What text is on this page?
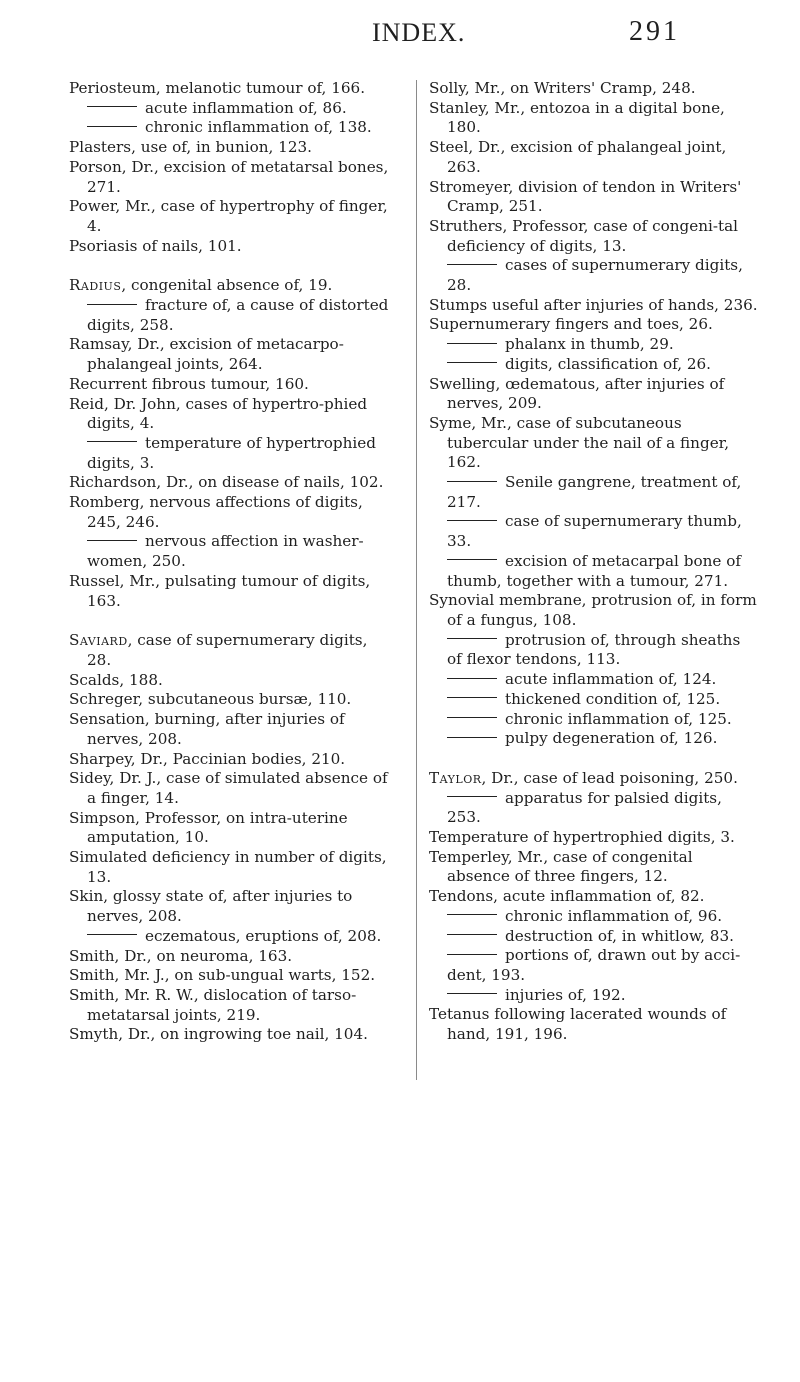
INDEX.	291

Periosteum, melanotic tumour of, 166.

acute inflammation of, 86.

chronic inflammation of, 138.

Plasters, use of, in bunion, 123.

Porson, Dr., excision of metatarsal bones, 271.

Power, Mr., case of hypertrophy of finger, 4.

Psoriasis of nails, 101.

Radius, congenital absence of, 19.

fracture of, a cause of distorted digits, 258.

Ramsay, Dr., excision of metacarpo-phalangeal joints, 264.

Recurrent fibrous tumour, 160.

Reid, Dr. John, cases of hypertro-phied digits, 4.

temperature of hypertrophied digits, 3.

Richardson, Dr., on disease of nails, 102.

Romberg, nervous affections of digits, 245, 246.

nervous affection in washer-women, 250.

Russel, Mr., pulsating tumour of digits, 163.

Saviard, case of supernumerary digits, 28.

Scalds, 188.

Schreger, subcutaneous bursæ, 110.

Sensation, burning, after injuries of nerves, 208.

Sharpey, Dr., Paccinian bodies, 210.

Sidey, Dr. J., case of simulated absence of a finger, 14.

Simpson, Professor, on intra-uterine amputation, 10.

Simulated deficiency in number of digits, 13.

Skin, glossy state of, after injuries to nerves, 208.

eczematous, eruptions of, 208.

Smith, Dr., on neuroma, 163.

Smith, Mr. J., on sub-ungual warts, 152.

Smith, Mr. R. W., dislocation of tarso-metatarsal joints, 219.

Smyth, Dr., on ingrowing toe nail, 104.

Solly, Mr., on Writers' Cramp, 248.

Stanley, Mr., entozoa in a digital bone, 180.

Steel, Dr., excision of phalangeal joint, 263.

Stromeyer, division of tendon in Writers' Cramp, 251.

Struthers, Professor, case of congeni-tal deficiency of digits, 13.

cases of supernumerary digits, 28.

Stumps useful after injuries of hands, 236.

Supernumerary fingers and toes, 26.

phalanx in thumb, 29.

digits, classification of, 26.

Swelling, œdematous, after injuries of nerves, 209.

Syme, Mr., case of subcutaneous tubercular under the nail of a finger, 162.

Senile gangrene, treatment of, 217.

case of supernumerary thumb, 33.

excision of metacarpal bone of thumb, together with a tumour, 271.

Synovial membrane, protrusion of, in form of a fungus, 108.

protrusion of, through sheaths of flexor tendons, 113.

acute inflammation of, 124.

thickened condition of, 125.

chronic inflammation of, 125.

pulpy degeneration of, 126.

Taylor, Dr., case of lead poisoning, 250.

apparatus for palsied digits, 253.

Temperature of hypertrophied digits, 3.

Temperley, Mr., case of congenital absence of three fingers, 12.

Tendons, acute inflammation of, 82.

chronic inflammation of, 96.

destruction of, in whitlow, 83.

portions of, drawn out by acci-dent, 193.

injuries of, 192.

Tetanus following lacerated wounds of hand, 191, 196.
